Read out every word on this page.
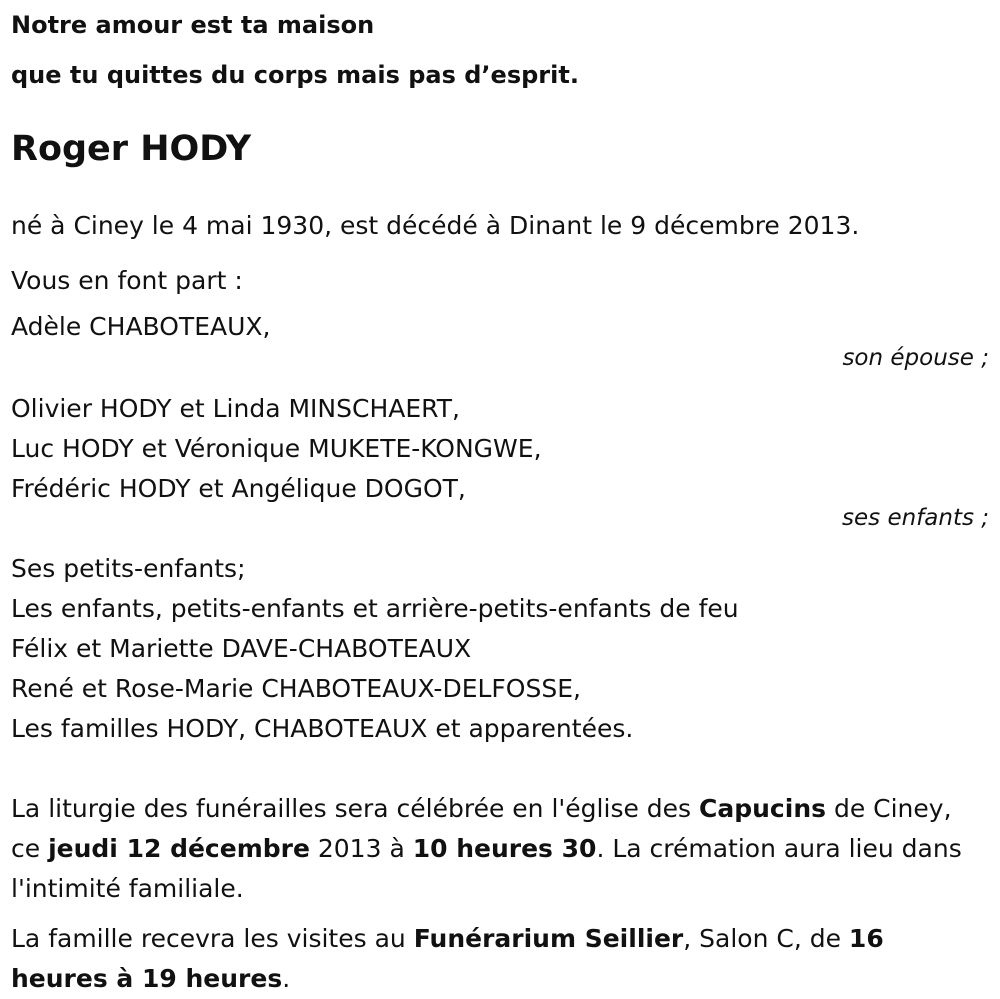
Notre amour est ta maison
que tu quittes du corps mais pas d’esprit.
Roger HODY

né à Ciney le 4 mai 1930, est décédé à Dinant le 9 décembre 2013.

Vous en font part :

Adèle CHABOTEAUX,

son épouse ;

Olivier HODY et Linda MINSCHAERT,

Luc HODY et Véronique MUKETE-KONGWE,

Frédéric HODY et Angélique DOGOT,

ses enfants ;

Ses petits-enfants;

Les enfants, petits-enfants et arrière-petits-enfants de feu

Félix et Mariette DAVE-CHABOTEAUX

René et Rose-Marie CHABOTEAUX-DELFOSSE,

Les familles HODY, CHABOTEAUX et apparentées.

La liturgie des funérailles sera célébrée en l'église des Capucins de Ciney,

ce jeudi 12 décembre 2013 à 10 heures 30. La crémation aura lieu dans

l'intimité familiale.

La famille recevra les visites au Funérarium Seillier, Salon C, de 16

heures à 19 heures.
